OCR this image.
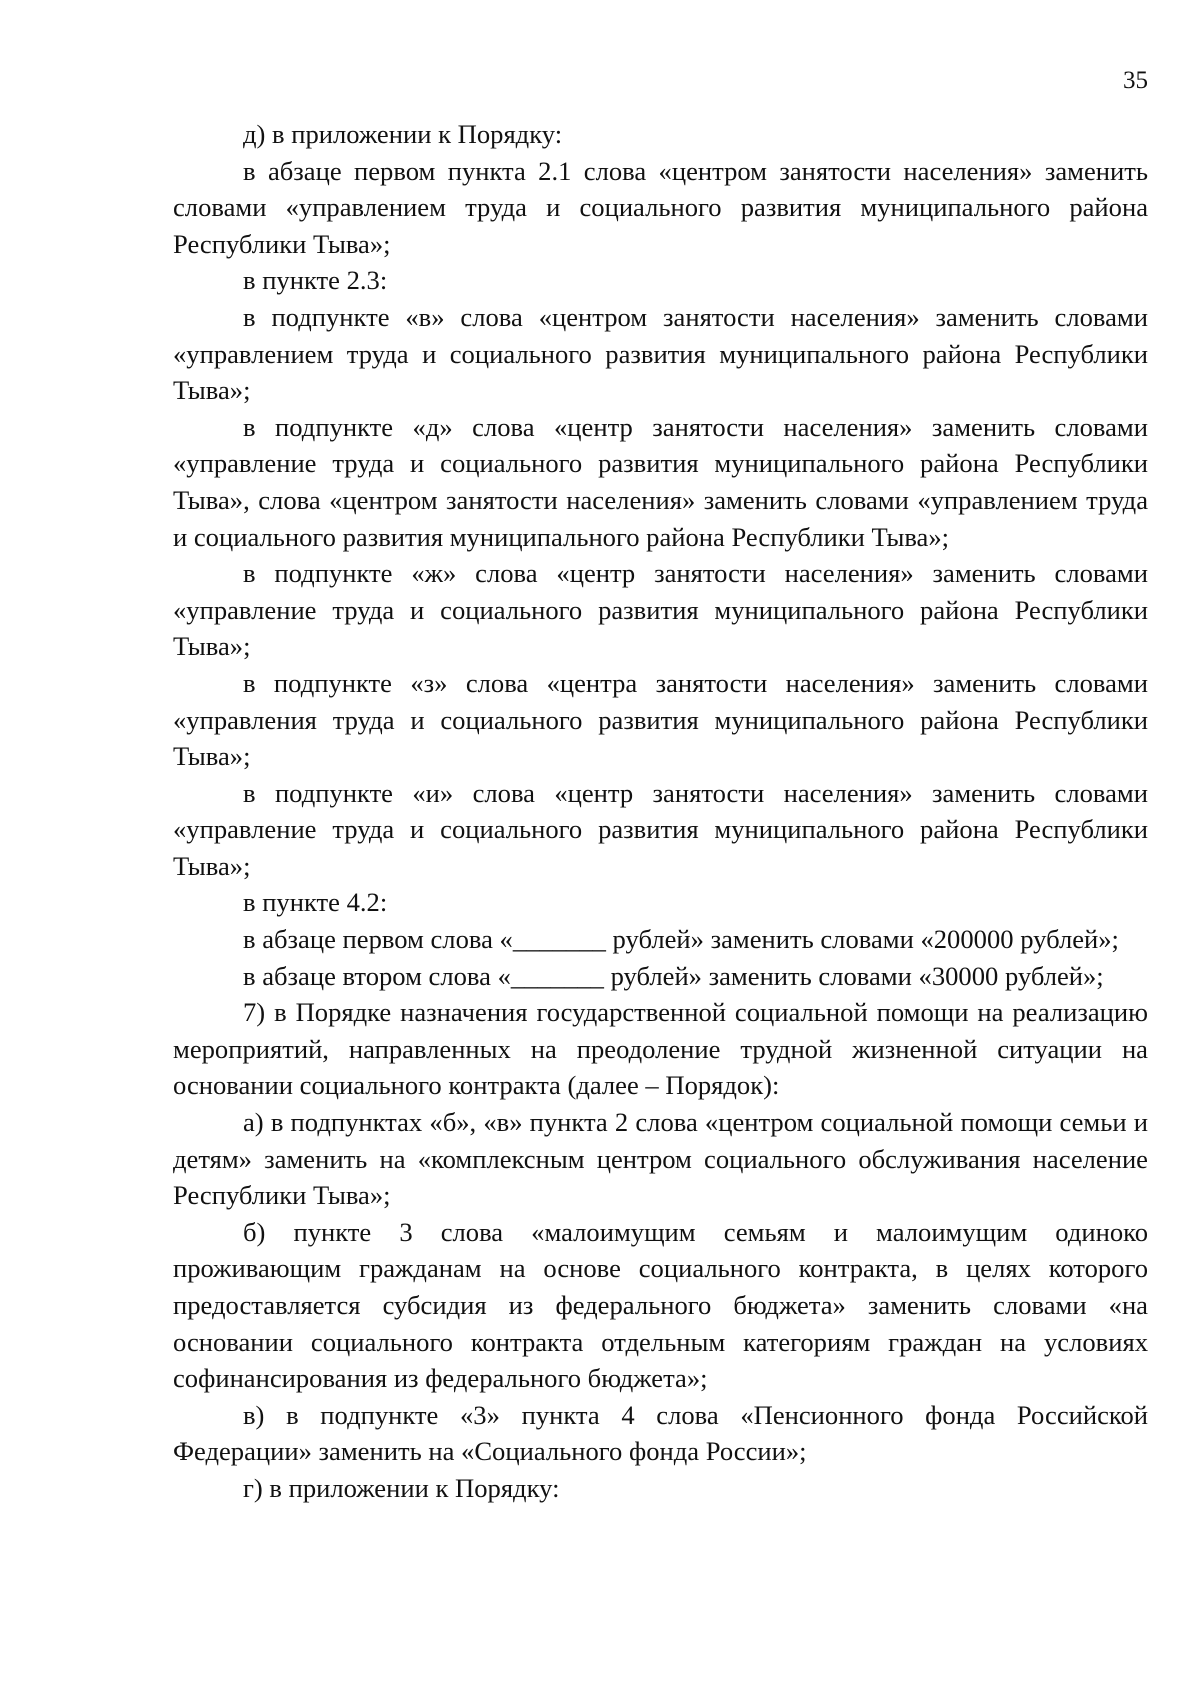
35

д) в приложении к Порядку:

в абзаце первом пункта 2.1 слова «центром занятости населения» заменить словами «управлением труда и социального развития муниципального района Республики Тыва»;

в пункте 2.3:

в подпункте «в» слова «центром занятости населения» заменить словами «управлением труда и социального развития муниципального района Республики Тыва»;

в подпункте «д» слова «центр занятости населения» заменить словами «управление труда и социального развития муниципального района Республики Тыва», слова «центром занятости населения» заменить словами «управлением труда и социального развития муниципального района Республики Тыва»;

в подпункте «ж» слова «центр занятости населения» заменить словами «управление труда и социального развития муниципального района Республики Тыва»;

в подпункте «з» слова «центра занятости населения» заменить словами «управления труда и социального развития муниципального района Республики Тыва»;

в подпункте «и» слова «центр занятости населения» заменить словами «управление труда и социального развития муниципального района Республики Тыва»;

в пункте 4.2:

в абзаце первом слова «_______ рублей» заменить словами «200000 рублей»;

в абзаце втором слова «_______ рублей» заменить словами «30000 рублей»;

7) в Порядке назначения государственной социальной помощи на реализацию мероприятий, направленных на преодоление трудной жизненной ситуации на основании социального контракта (далее – Порядок):

а) в подпунктах «б», «в» пункта 2 слова «центром социальной помощи семьи и детям» заменить на «комплексным центром социального обслуживания население Республики Тыва»;

б) пункте 3 слова «малоимущим семьям и малоимущим одиноко проживающим гражданам на основе социального контракта, в целях которого предоставляется субсидия из федерального бюджета» заменить словами «на основании социального контракта отдельным категориям граждан на условиях софинансирования из федерального бюджета»;

в) в подпункте «3» пункта 4 слова «Пенсионного фонда Российской Федерации» заменить на «Социального фонда России»;

г) в приложении к Порядку:
